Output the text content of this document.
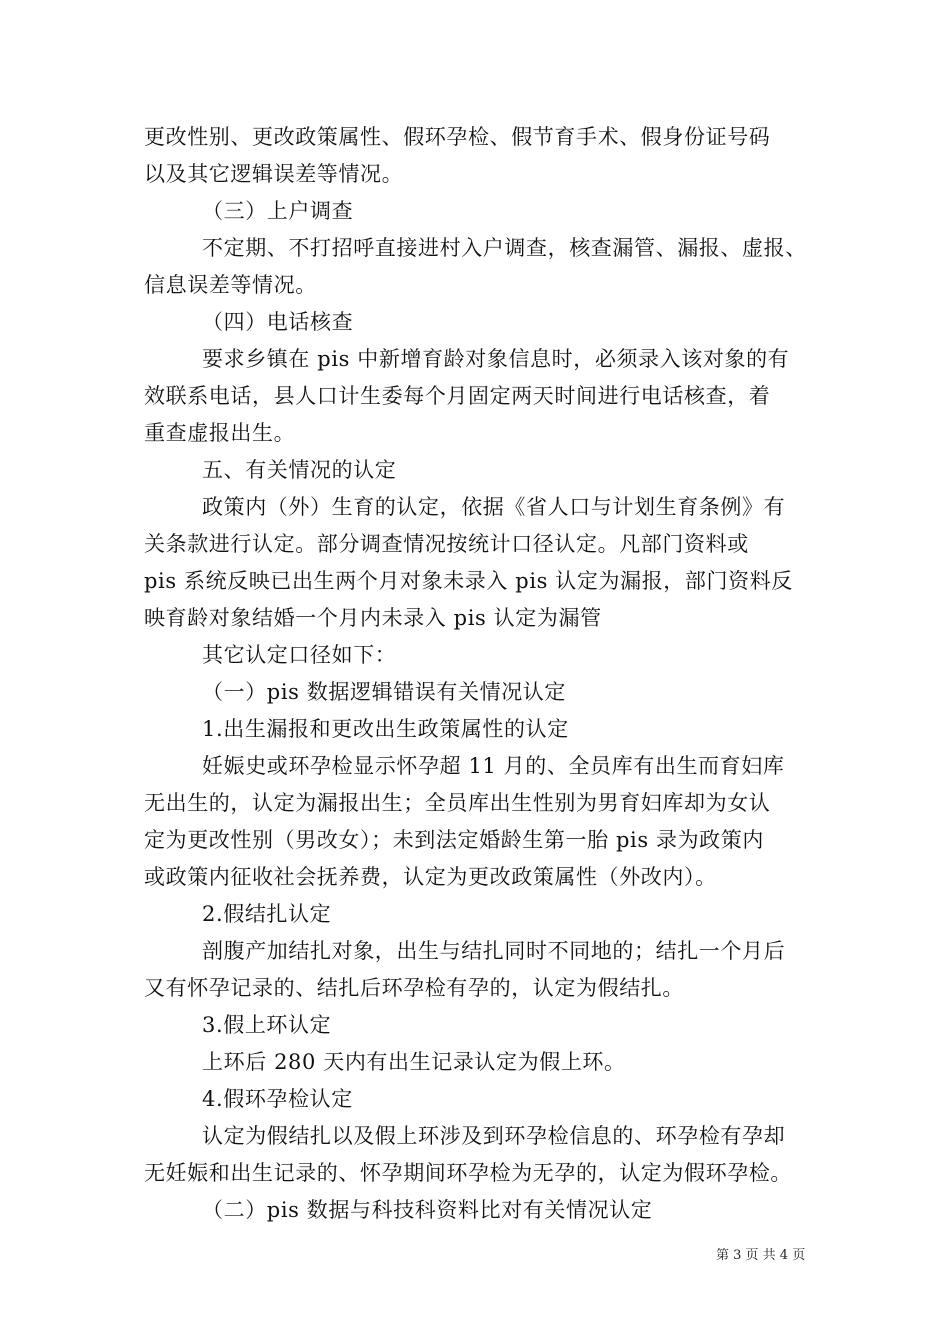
更改性别、更改政策属性、假环孕检、假节育手术、假身份证号码
以及其它逻辑误差等情况。
（三）上户调查
不定期、不打招呼直接进村入户调查，核查漏管、漏报、虚报、
信息误差等情况。
（四）电话核查
要求乡镇在 pis 中新增育龄对象信息时，必须录入该对象的有
效联系电话，县人口计生委每个月固定两天时间进行电话核查，着
重查虚报出生。
五、有关情况的认定
政策内（外）生育的认定，依据《省人口与计划生育条例》有
关条款进行认定。部分调查情况按统计口径认定。凡部门资料或
pis 系统反映已出生两个月对象未录入 pis 认定为漏报，部门资料反
映育龄对象结婚一个月内未录入 pis 认定为漏管
其它认定口径如下：
（一）pis 数据逻辑错误有关情况认定
1.出生漏报和更改出生政策属性的认定
妊娠史或环孕检显示怀孕超 11 月的、全员库有出生而育妇库
无出生的，认定为漏报出生；全员库出生性别为男育妇库却为女认
定为更改性别（男改女）；未到法定婚龄生第一胎 pis 录为政策内
或政策内征收社会抚养费，认定为更改政策属性（外改内）。
2.假结扎认定
剖腹产加结扎对象，出生与结扎同时不同地的；结扎一个月后
又有怀孕记录的、结扎后环孕检有孕的，认定为假结扎。
3.假上环认定
上环后 280 天内有出生记录认定为假上环。
4.假环孕检认定
认定为假结扎以及假上环涉及到环孕检信息的、环孕检有孕却
无妊娠和出生记录的、怀孕期间环孕检为无孕的，认定为假环孕检。
（二）pis 数据与科技科资料比对有关情况认定
第 3 页 共 4 页
